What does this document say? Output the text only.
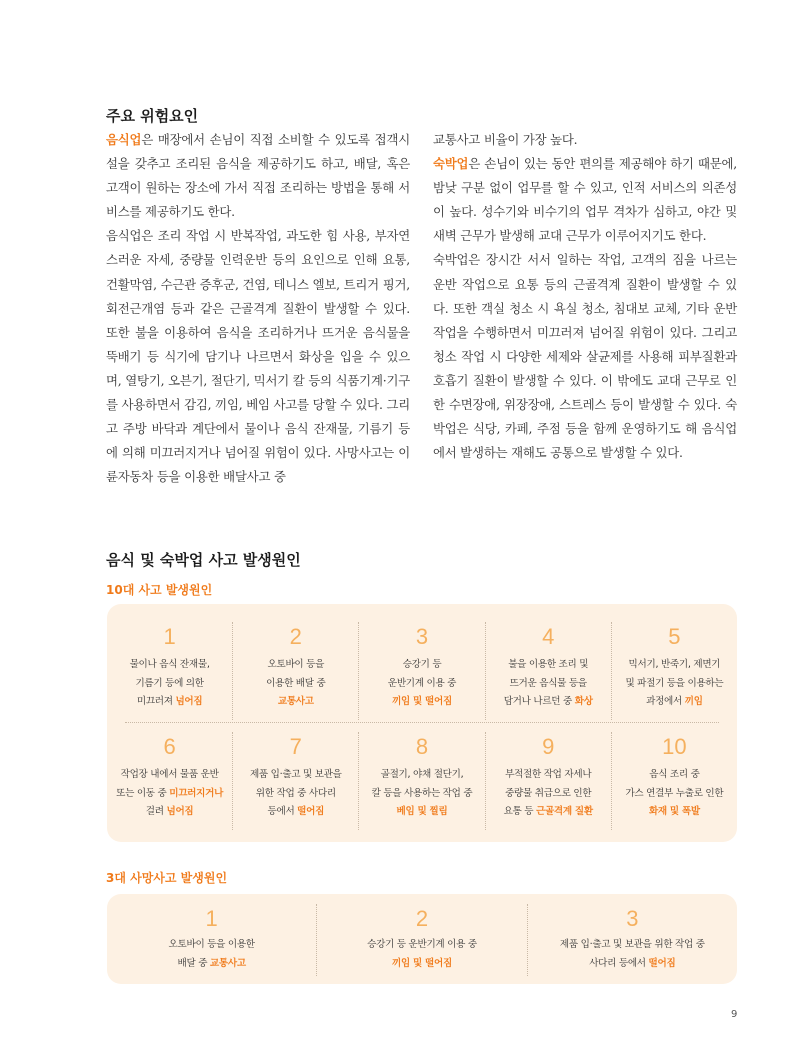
주요 위험요인

음식업은 매장에서 손님이 직접 소비할 수 있도록 접객시설을 갖추고 조리된 음식을 제공하기도 하고, 배달, 혹은 고객이 원하는 장소에 가서 직접 조리하는 방법을 통해 서비스를 제공하기도 한다.

음식업은 조리 작업 시 반복작업, 과도한 힘 사용, 부자연스러운 자세, 중량물 인력운반 등의 요인으로 인해 요통, 건활막염, 수근관 증후군, 건염, 테니스 엘보, 트리거 핑거, 회전근개염 등과 같은 근골격계 질환이 발생할 수 있다. 또한 불을 이용하여 음식을 조리하거나 뜨거운 음식물을 뚝배기 등 식기에 담기나 나르면서 화상을 입을 수 있으며, 열탕기, 오븐기, 절단기, 믹서기 칼 등의 식품기계·기구를 사용하면서 감김, 끼임, 베임 사고를 당할 수 있다. 그리고 주방 바닥과 계단에서 물이나 음식 잔재물, 기름기 등에 의해 미끄러지거나 넘어질 위험이 있다. 사망사고는 이륜자동차 등을 이용한 배달사고 중

교통사고 비율이 가장 높다.

숙박업은 손님이 있는 동안 편의를 제공해야 하기 때문에, 밤낮 구분 없이 업무를 할 수 있고, 인적 서비스의 의존성이 높다. 성수기와 비수기의 업무 격차가 심하고, 야간 및 새벽 근무가 발생해 교대 근무가 이루어지기도 한다.

숙박업은 장시간 서서 일하는 작업, 고객의 짐을 나르는 운반 작업으로 요통 등의 근골격계 질환이 발생할 수 있다. 또한 객실 청소 시 욕실 청소, 침대보 교체, 기타 운반 작업을 수행하면서 미끄러져 넘어질 위험이 있다. 그리고 청소 작업 시 다양한 세제와 살균제를 사용해 피부질환과 호흡기 질환이 발생할 수 있다. 이 밖에도 교대 근무로 인한 수면장애, 위장장애, 스트레스 등이 발생할 수 있다. 숙박업은 식당, 카페, 주점 등을 함께 운영하기도 해 음식업에서 발생하는 재해도 공통으로 발생할 수 있다.

음식 및 숙박업 사고 발생원인
10대 사고 발생원인
1
물이나 음식 잔재물,
기름기 등에 의한
미끄러져 넘어짐
2
오토바이 등을
이용한 배달 중
교통사고
3
승강기 등
운반기계 이용 중
끼임 및 떨어짐
4
불을 이용한 조리 및
뜨거운 음식물 등을
담거나 나르던 중 화상
5
믹서기, 반죽기, 제면기
및 파절기 등을 이용하는
과정에서 끼임
6
작업장 내에서 물품 운반
또는 이동 중 미끄러지거나
걸려 넘어짐
7
제품 입·출고 및 보관을
위한 작업 중 사다리
등에서 떨어짐
8
골절기, 야채 절단기,
칼 등을 사용하는 작업 중
베임 및 찔림
9
부적절한 작업 자세나
중량물 취급으로 인한
요통 등 근골격계 질환
10
음식 조리 중
가스 연결부 누출로 인한
화재 및 폭발
3대 사망사고 발생원인
1
오토바이 등을 이용한
배달 중 교통사고
2
승강기 등 운반기계 이용 중
끼임 및 떨어짐
3
제품 입·출고 및 보관을 위한 작업 중
사다리 등에서 떨어짐
9
